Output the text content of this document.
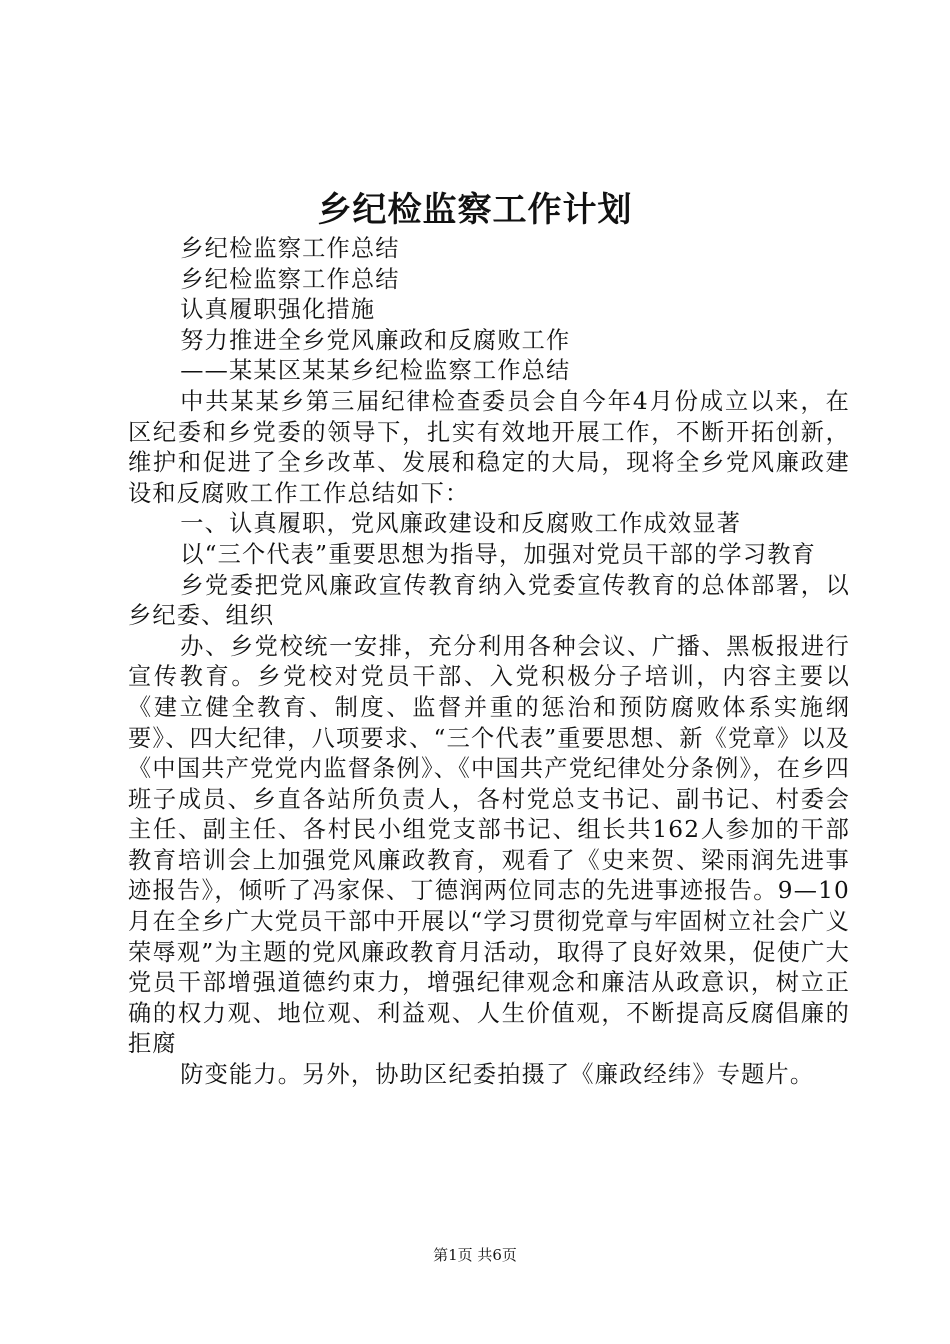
乡纪检监察工作计划

乡纪检监察工作总结

乡纪检监察工作总结

认真履职强化措施

努力推进全乡党风廉政和反腐败工作

——某某区某某乡纪检监察工作总结

中共某某乡第三届纪律检查委员会自今年4月份成立以来，在区纪委和乡党委的领导下，扎实有效地开展工作，不断开拓创新，维护和促进了全乡改革、发展和稳定的大局，现将全乡党风廉政建设和反腐败工作工作总结如下：

一、认真履职，党风廉政建设和反腐败工作成效显著

以“三个代表”重要思想为指导，加强对党员干部的学习教育

乡党委把党风廉政宣传教育纳入党委宣传教育的总体部署，以乡纪委、组织

办、乡党校统一安排，充分利用各种会议、广播、黑板报进行宣传教育。乡党校对党员干部、入党积极分子培训，内容主要以《建立健全教育、制度、监督并重的惩治和预防腐败体系实施纲要》、四大纪律，八项要求、“三个代表”重要思想、新《党章》以及《中国共产党党内监督条例》、《中国共产党纪律处分条例》，在乡四班子成员、乡直各站所负责人，各村党总支书记、副书记、村委会主任、副主任、各村民小组党支部书记、组长共162人参加的干部教育培训会上加强党风廉政教育，观看了《史来贺、梁雨润先进事迹报告》，倾听了冯家保、丁德润两位同志的先进事迹报告。9—10月在全乡广大党员干部中开展以“学习贯彻党章与牢固树立社会广义荣辱观”为主题的党风廉政教育月活动，取得了良好效果，促使广大党员干部增强道德约束力，增强纪律观念和廉洁从政意识，树立正确的权力观、地位观、利益观、人生价值观，不断提高反腐倡廉的拒腐

防变能力。另外，协助区纪委拍摄了《廉政经纬》专题片。

第1页 共6页
